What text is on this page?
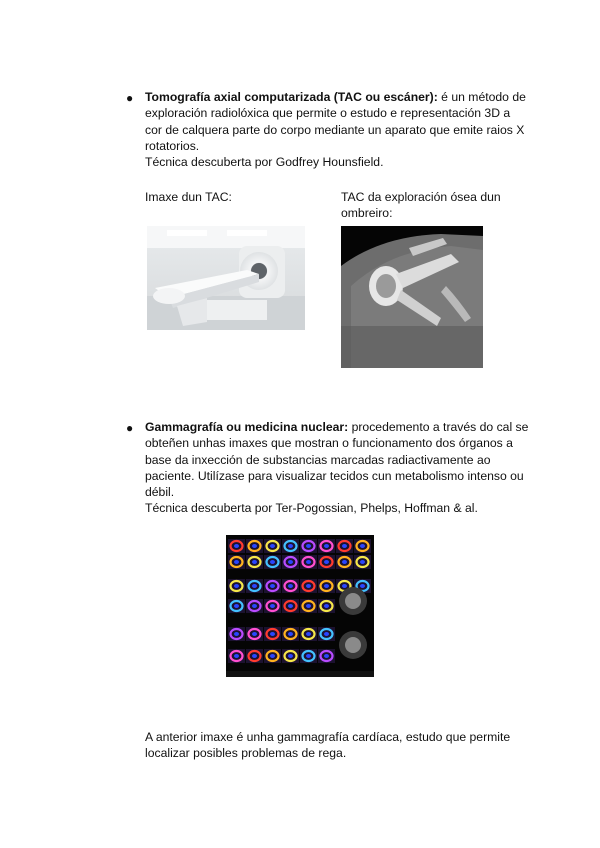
● Tomografía axial computarizada (TAC ou escáner): é un método de
exploración radiolóxica que permite o estudo e representación 3D a
cor de calquera parte do corpo mediante un aparato que emite raios X
rotatorios.
Técnica descuberta por Godfrey Hounsfield.
Imaxe dun TAC:	TAC da exploración ósea dun
ombreiro:
● Gammagrafía ou medicina nuclear: procedemento a través do cal se
obteñen unhas imaxes que mostran o funcionamento dos órganos a
base da inxección de substancias marcadas radiactivamente ao
paciente. Utilízase para visualizar tecidos cun metabolismo intenso ou
débil.
Técnica descuberta por Ter-Pogossian, Phelps, Hoffman & al.
A anterior imaxe é unha gammagrafía cardíaca, estudo que permite
localizar posibles problemas de rega.
